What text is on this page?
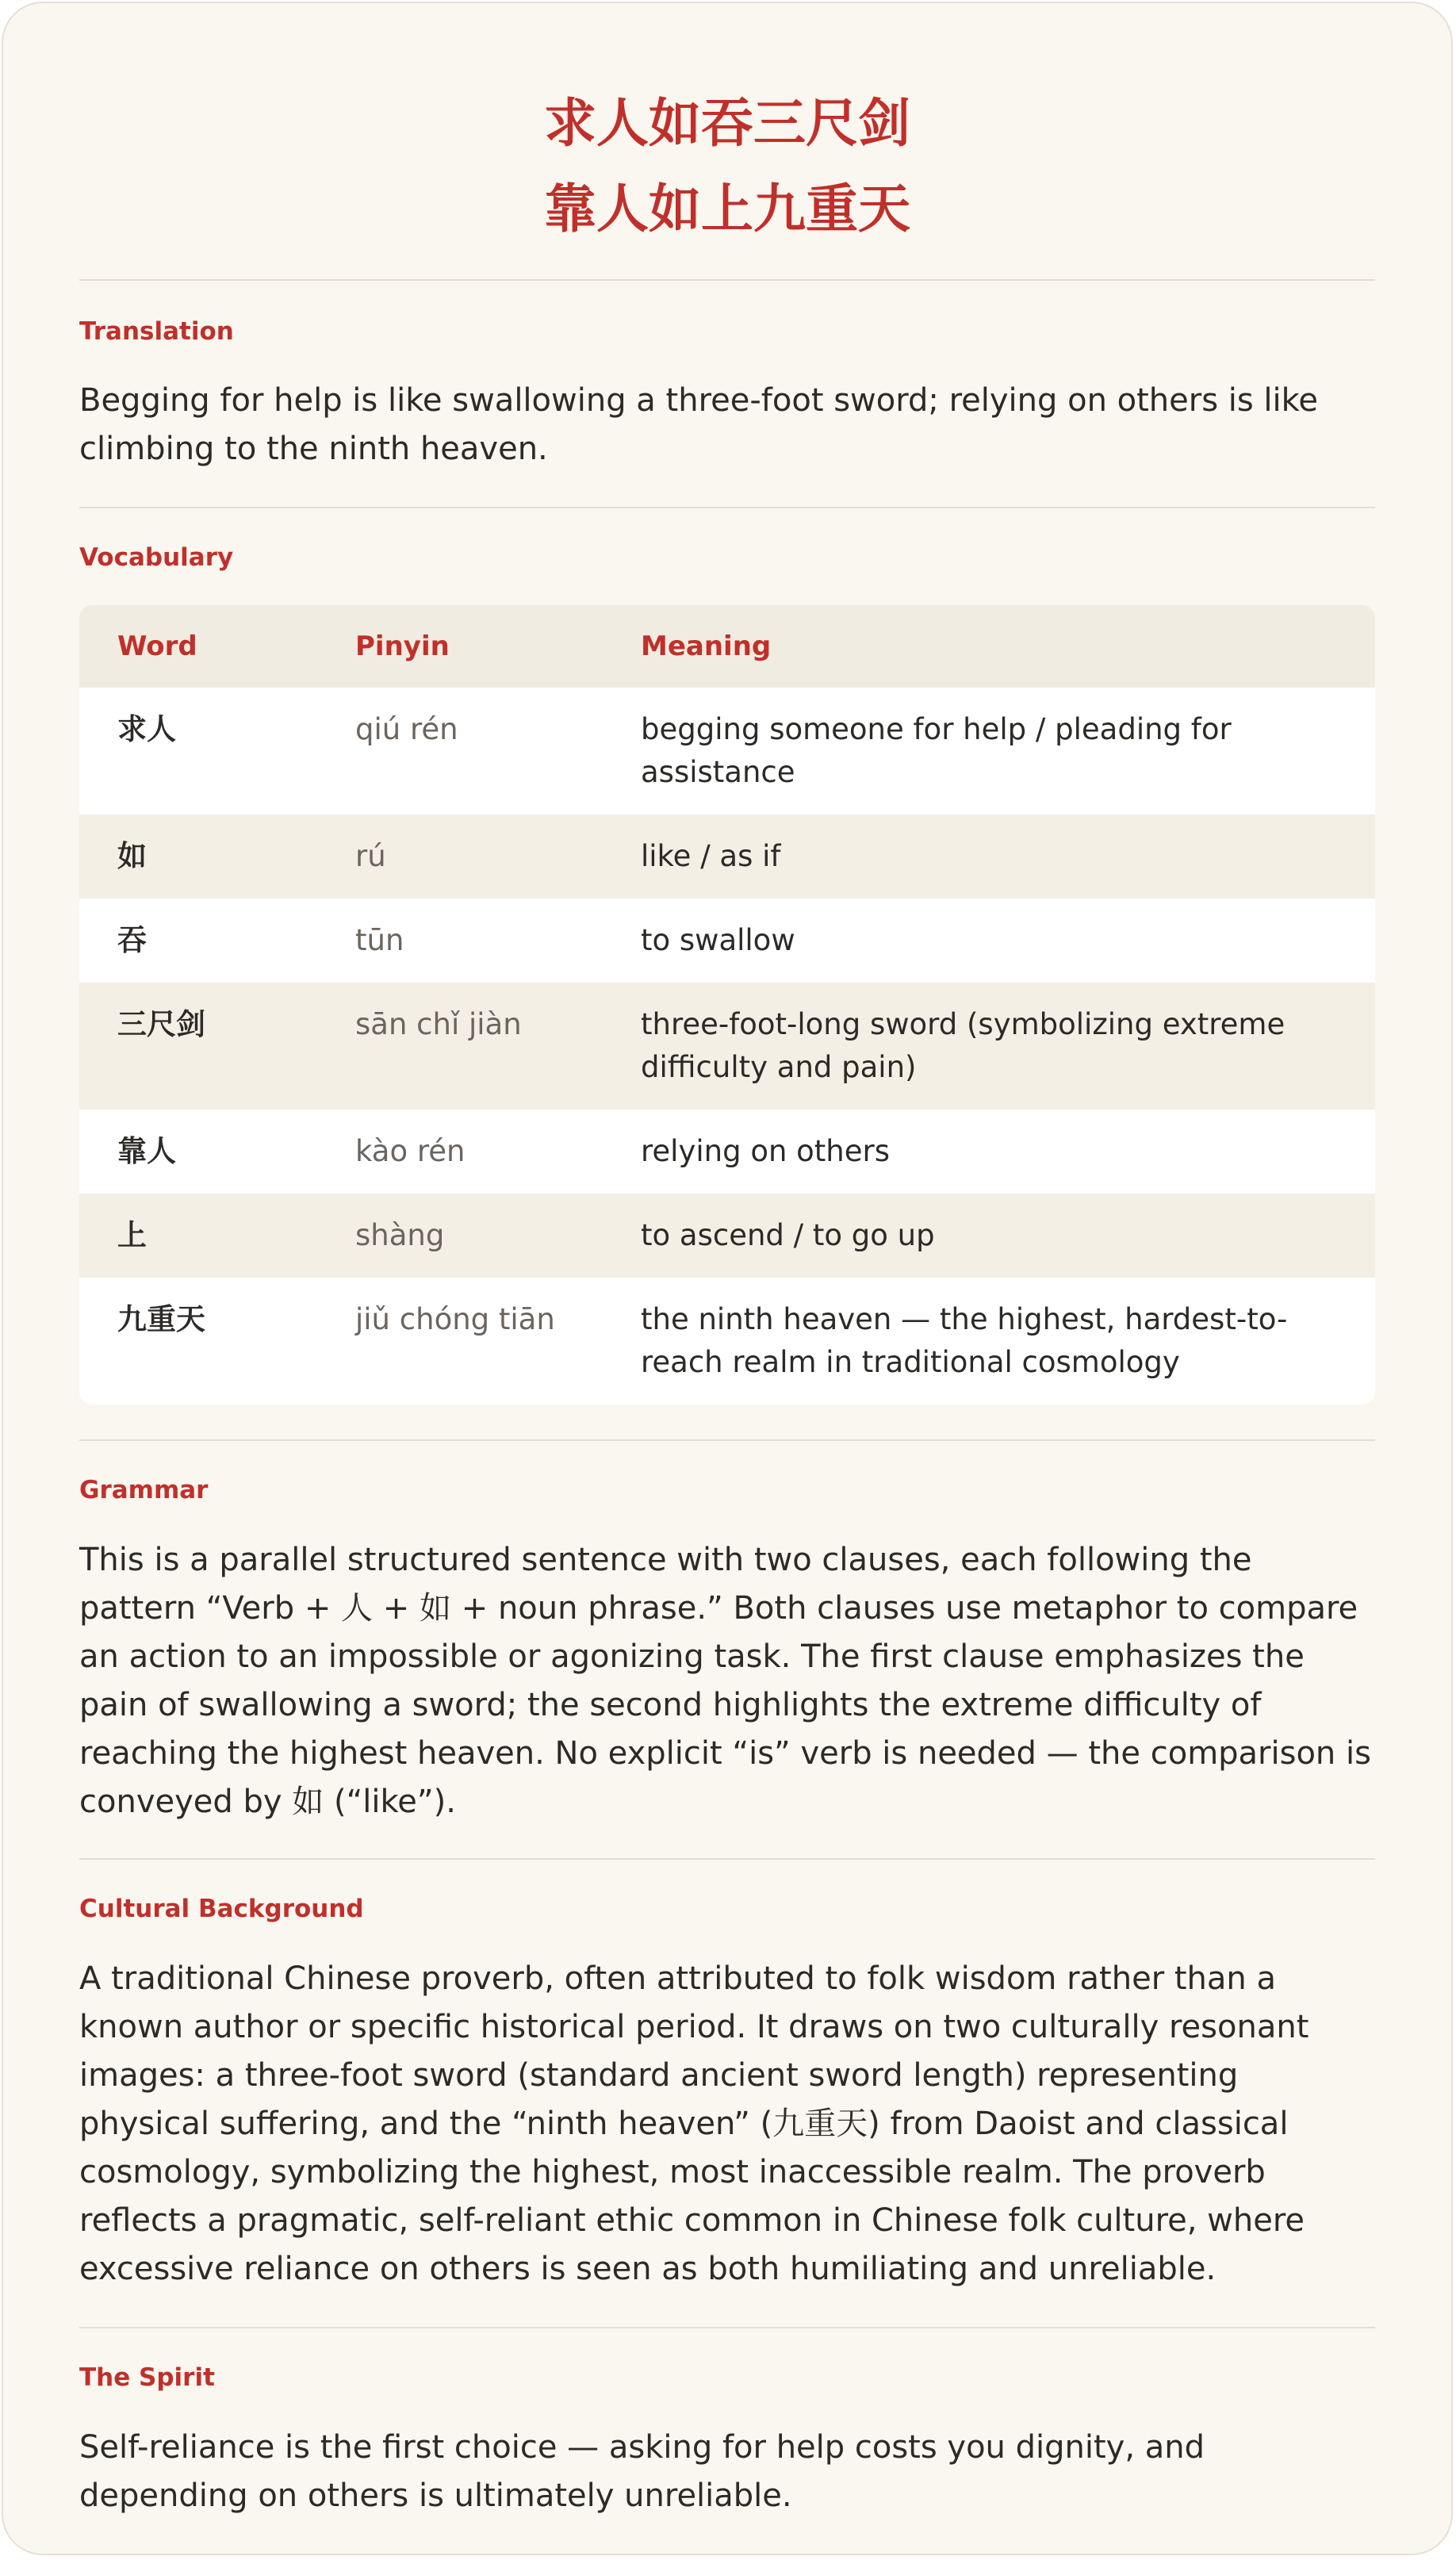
求人如吞三尺剑
靠人如上九重天

Translation

Begging for help is like swallowing a three-foot sword; relying on others is like climbing to the ninth heaven.

Vocabulary

Word	Pinyin	Meaning
求人	qiú rén	begging someone for help / pleading for assistance
如	rú	like / as if
吞	tūn	to swallow
三尺剑	sān chǐ jiàn	three-foot-long sword (symbolizing extreme difficulty and pain)
靠人	kào rén	relying on others
上	shàng	to ascend / to go up
九重天	jiǔ chóng tiān	the ninth heaven — the highest, hardest-to-reach realm in traditional cosmology

Grammar

This is a parallel structured sentence with two clauses, each following the pattern “Verb + 人 + 如 + noun phrase.” Both clauses use metaphor to compare an action to an impossible or agonizing task. The first clause emphasizes the pain of swallowing a sword; the second highlights the extreme difficulty of reaching the highest heaven. No explicit “is” verb is needed — the comparison is conveyed by 如 (“like”).

Cultural Background

A traditional Chinese proverb, often attributed to folk wisdom rather than a known author or specific historical period. It draws on two culturally resonant images: a three-foot sword (standard ancient sword length) representing physical suffering, and the “ninth heaven” (九重天) from Daoist and classical cosmology, symbolizing the highest, most inaccessible realm. The proverb reflects a pragmatic, self-reliant ethic common in Chinese folk culture, where excessive reliance on others is seen as both humiliating and unreliable.

The Spirit

Self-reliance is the first choice — asking for help costs you dignity, and depending on others is ultimately unreliable.
